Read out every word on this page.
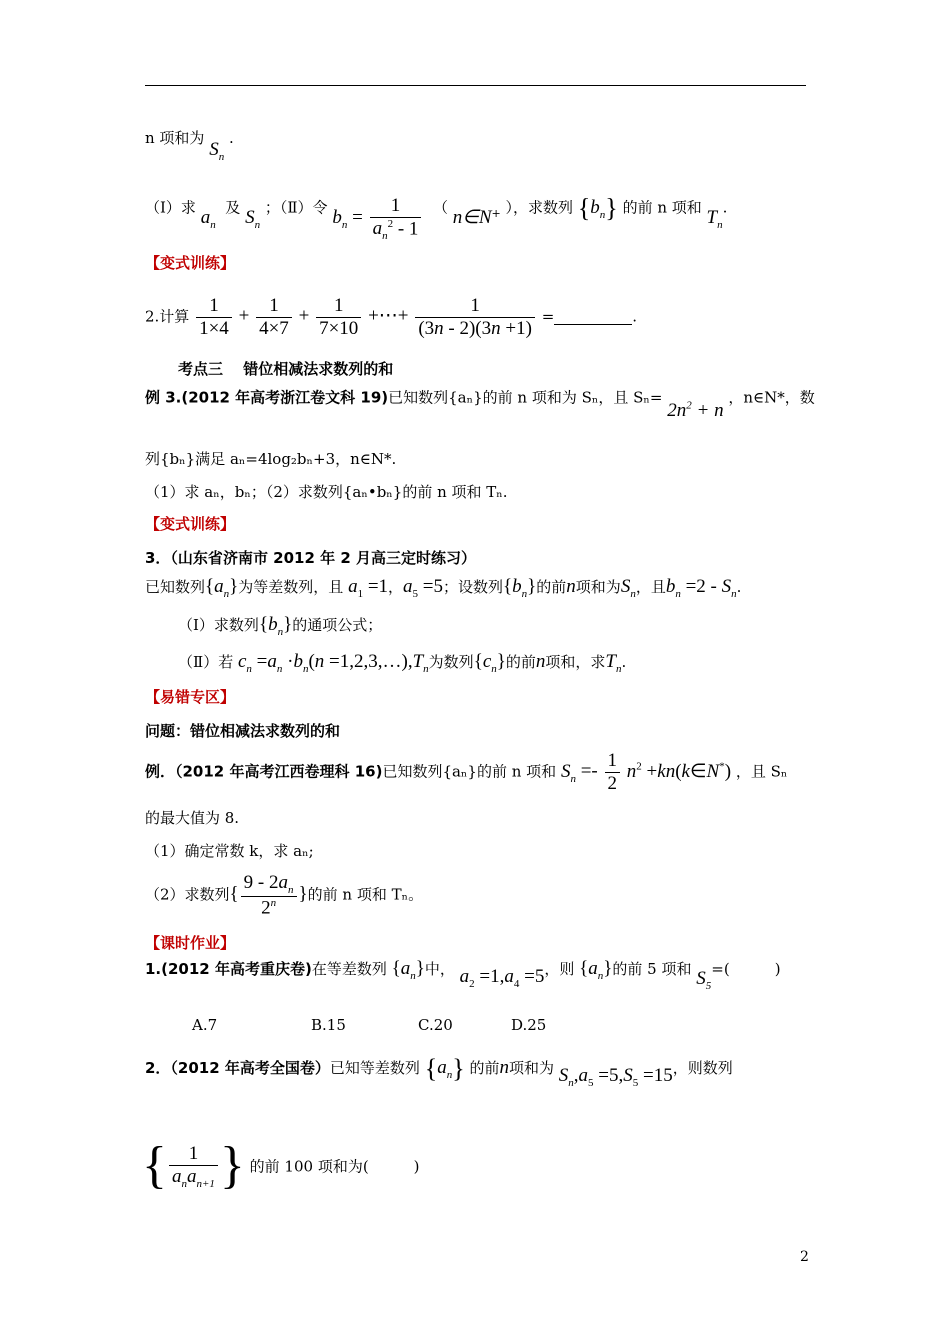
n 项和为 $S_n$ .
（Ⅰ）求 $a_n$  及 $S_n$ ；（Ⅱ）令 $b_n = \frac{1}{a_n^2 - 1}$ （ n∈N+ ），求数列 $\{b_n\}$ 的前 n 项和 $T_n$.
【变式训练】
2.计算 $\frac{1}{1\times 4} + \frac{1}{4\times 7} + \frac{1}{7\times 10}$ +⋯+ $\frac{1}{(3n - 2)(3n +1)}$ =	.
考点三　 错位相减法求数列的和
例 3.(2012 年高考浙江卷文科 19)已知数列{aₙ}的前 n 项和为 Sₙ，且 $S_n= 2n^2 + n$ ，n∈N*，数
列{bₙ}满足 aₙ=4log₂bₙ+3，n∈N*.
（1）求 aₙ，bₙ；（2）求数列{aₙ•bₙ}的前 n 项和 Tₙ.
【变式训练】
3．（山东省济南市 2012 年 2 月高三定时练习）
已知数列$\{a_n\}$为等差数列，且 $a_1 =1$，$a_5 =5$；设数列$\{b_n\}$的前n项和为$S_n$，且$b_n =2 - S_n$.
（Ⅰ）求数列$\{b_n\}$的通项公式；
（Ⅱ）若 $c_n =a_n \cdot b_n(n$ $=1,2,3,\dots),T_n$为数列$\{c_n\}$的前n项和，求$T_n$.
【易错专区】
问题：错位相减法求数列的和
例．（2012 年高考江西卷理科 16)已知数列{aₙ}的前 n 项和 $S_n =- \frac{1}{2} n^2$ +kn(k∈N*) ，且 Sₙ
的最大值为 8.
（1）确定常数 k，求 aₙ;
（2）求数列{ $\frac{9 - 2a_n}{2^n}$ }的前 n 项和 Tₙ。
【课时作业】
1.(2012 年高考重庆卷)在等差数列 $\{a_n\}$中， $a_2 =1,a_4 =5$，则 $\{a_n\}$的前 5 项和 $S_5=$(　　　)
A.7	B.15	C.20	D.25
2．（2012 年高考全国卷）已知等差数列 $\{a_n\}$ 的前n项和为 $S_n,a_5 =5,S_5 =15$，则数列
{ $\frac{1}{a_na_{n+1}}$ } 的前 100 项和为(　　　)
2
